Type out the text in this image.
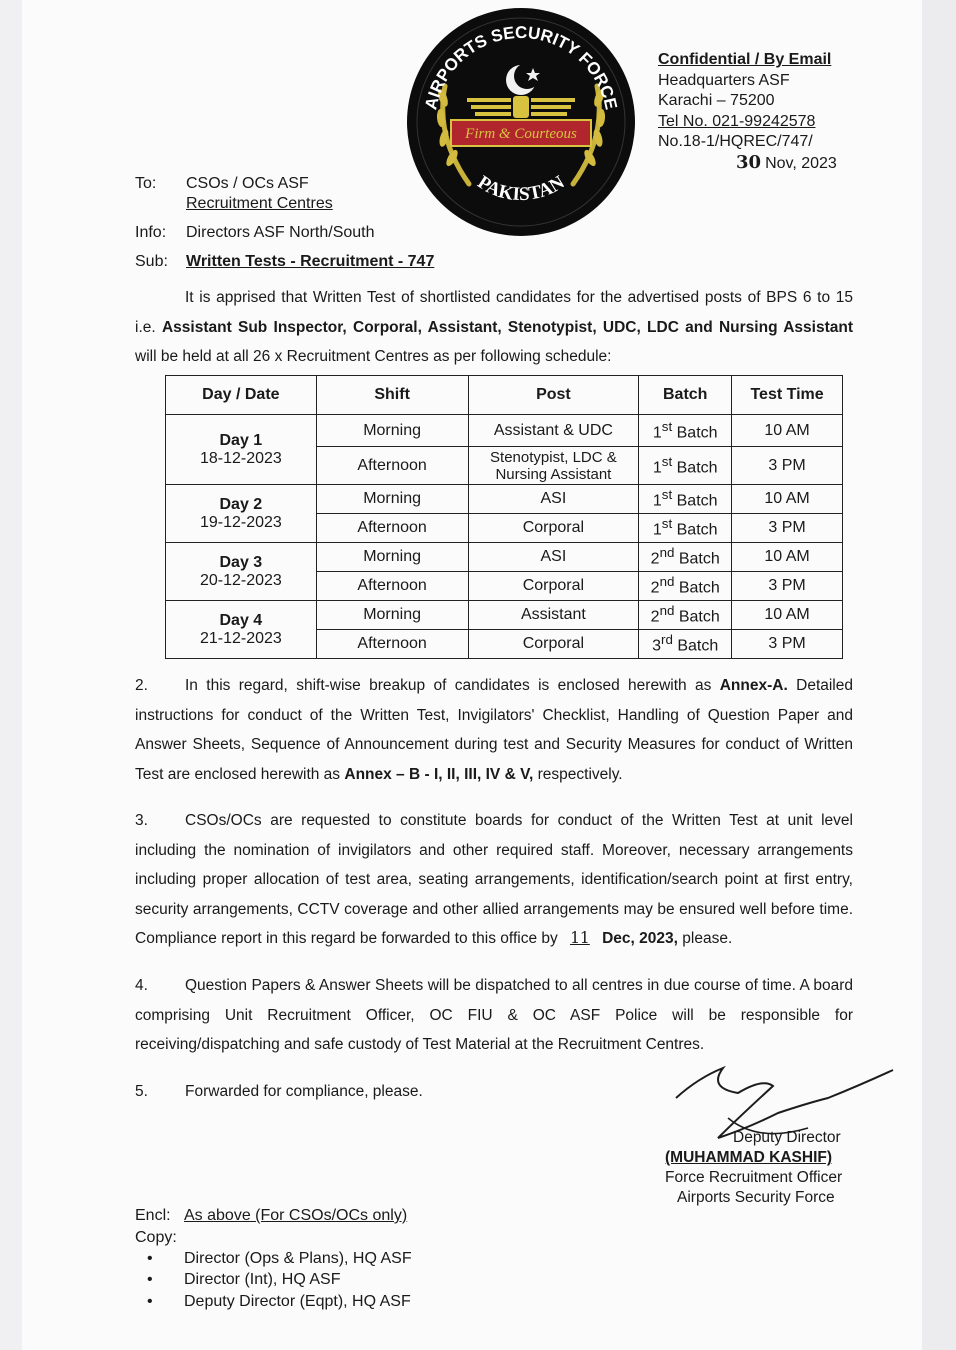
Firm & Courteous
AIRPORTS SECURITY FORCE
PAKISTAN
Confidential / By Email
Headquarters ASF
Karachi – 75200
Tel No. 021-99242578
No.18-1/HQREC/747/
30 Nov, 2023
To: CSOs / OCs ASF
Recruitment Centres
Info: Directors ASF North/South
Sub: Written Tests - Recruitment - 747

It is apprised that Written Test of shortlisted candidates for the advertised posts of BPS 6 to 15 i.e. Assistant Sub Inspector, Corporal, Assistant, Stenotypist, UDC, LDC and Nursing Assistant will be held at all 26 x Recruitment Centres as per following schedule:

Day / Date	Shift	Post	Batch	Test Time

Day 1
18-12-2023	Morning	Assistant & UDC	1st Batch	10 AM
	Afternoon	Stenotypist, LDC & Nursing Assistant	1st Batch	3 PM

Day 2
19-12-2023	Morning	ASI	1st Batch	10 AM
	Afternoon	Corporal	1st Batch	3 PM

Day 3
20-12-2023	Morning	ASI	2nd Batch	10 AM
	Afternoon	Corporal	2nd Batch	3 PM

Day 4
21-12-2023	Morning	Assistant	2nd Batch	10 AM
	Afternoon	Corporal	3rd Batch	3 PM

2. In this regard, shift-wise breakup of candidates is enclosed herewith as Annex-A. Detailed instructions for conduct of the Written Test, Invigilators' Checklist, Handling of Question Paper and Answer Sheets, Sequence of Announcement during test and Security Measures for conduct of Written Test are enclosed herewith as Annex – B - I, II, III, IV & V, respectively.

3. CSOs/OCs are requested to constitute boards for conduct of the Written Test at unit level including the nomination of invigilators and other required staff. Moreover, necessary arrangements including proper allocation of test area, seating arrangements, identification/search point at first entry, security arrangements, CCTV coverage and other allied arrangements may be ensured well before time. Compliance report in this regard be forwarded to this office by 11 Dec, 2023, please.

4. Question Papers & Answer Sheets will be dispatched to all centres in due course of time. A board comprising Unit Recruitment Officer, OC FIU & OC ASF Police will be responsible for receiving/dispatching and safe custody of Test Material at the Recruitment Centres.

5. Forwarded for compliance, please.

Deputy Director
(MUHAMMAD KASHIF)
Force Recruitment Officer
Airports Security Force
Encl: As above (For CSOs/OCs only)
Copy:
• Director (Ops & Plans), HQ ASF
• Director (Int), HQ ASF
• Deputy Director (Eqpt), HQ ASF
